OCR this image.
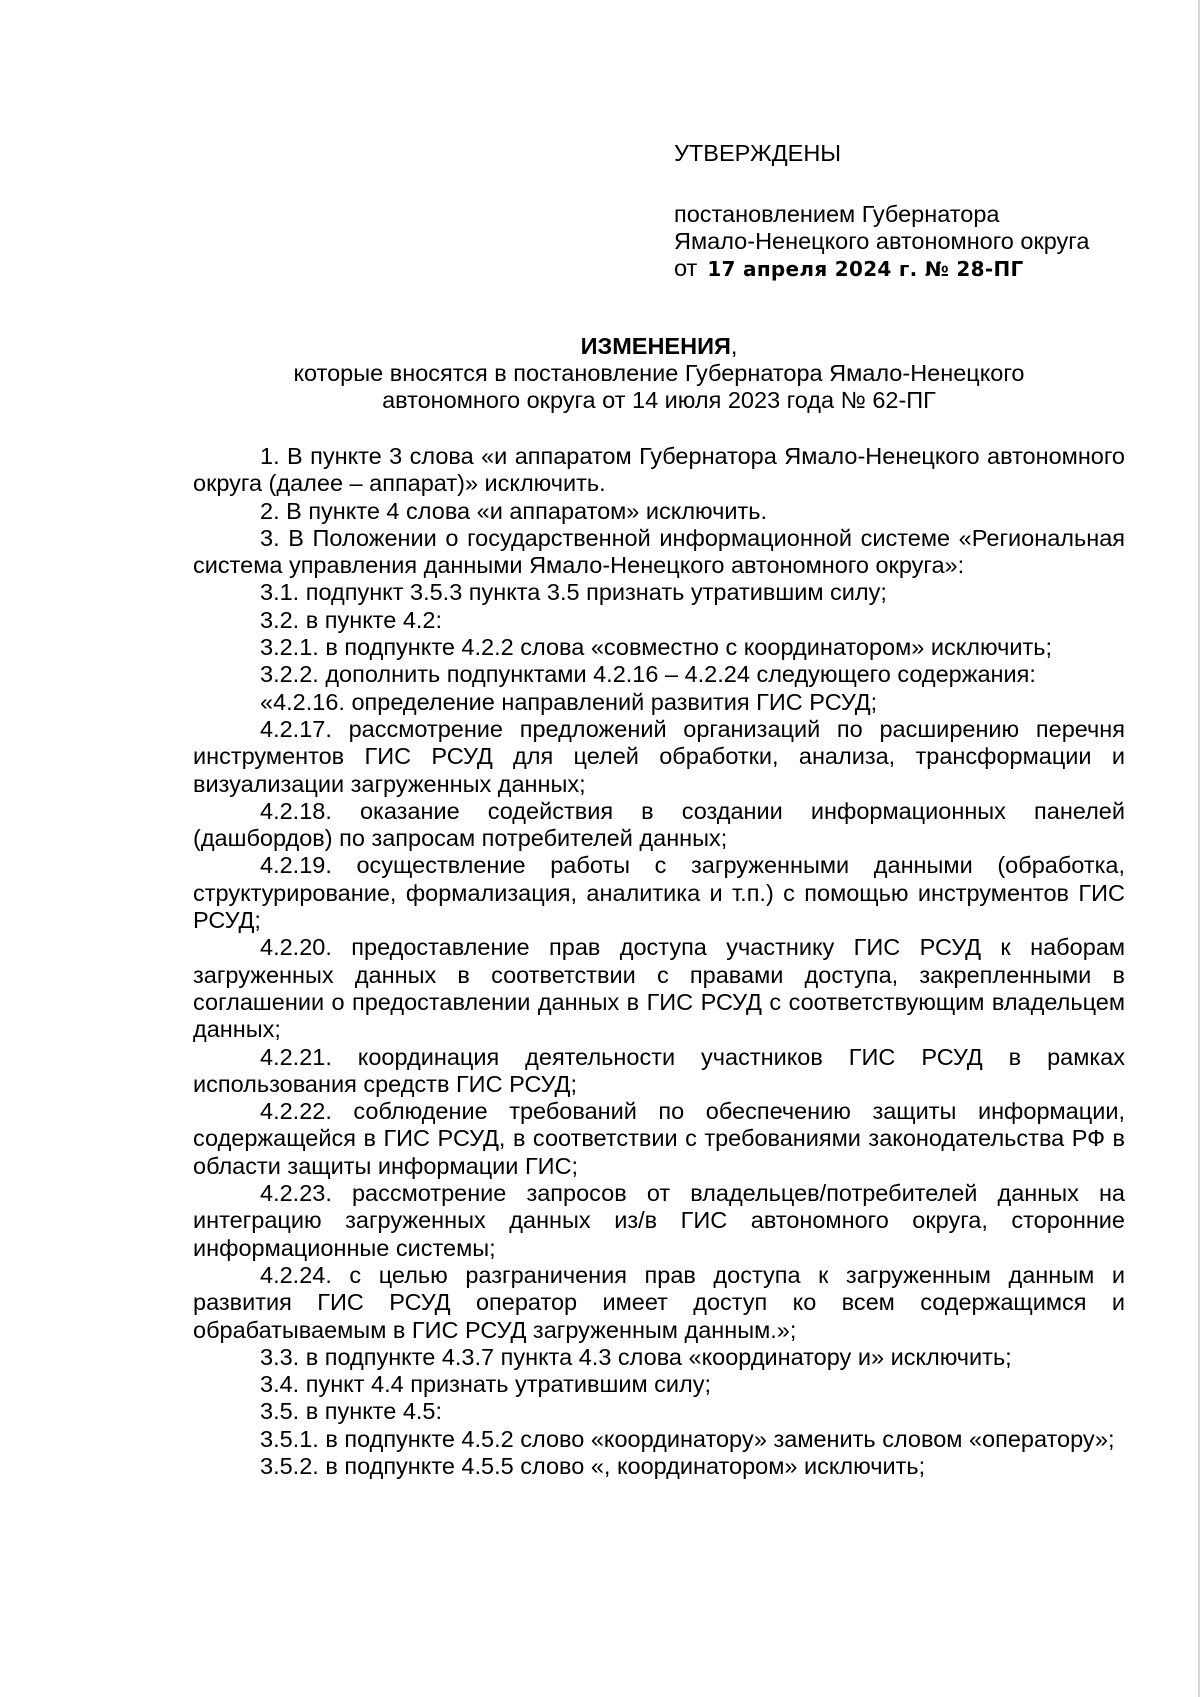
УТВЕРЖДЕНЫ
постановлением Губернатора
Ямало-Ненецкого автономного округа
от 17 апреля 2024 г. № 28-ПГ
ИЗМЕНЕНИЯ,
которые вносятся в постановление Губернатора Ямало-Ненецкого
автономного округа от 14 июля 2023 года № 62-ПГ

1. В пункте 3 слова «и аппаратом Губернатора Ямало-Ненецкого автономного округа (далее – аппарат)» исключить.

2. В пункте 4 слова «и аппаратом» исключить.

3. В Положении о государственной информационной системе «Региональная система управления данными Ямало-Ненецкого автономного округа»:

3.1. подпункт 3.5.3 пункта 3.5 признать утратившим силу;

3.2. в пункте 4.2:

3.2.1. в подпункте 4.2.2 слова «совместно с координатором» исключить;

3.2.2. дополнить подпунктами 4.2.16 – 4.2.24 следующего содержания:

«4.2.16. определение направлений развития ГИС РСУД;

4.2.17. рассмотрение предложений организаций по расширению перечня инструментов ГИС РСУД для целей обработки, анализа, трансформации и визуализации загруженных данных;

4.2.18. оказание содействия в создании информационных панелей (дашбордов) по запросам потребителей данных;

4.2.19. осуществление работы с загруженными данными (обработка, структурирование, формализация, аналитика и т.п.) с помощью инструментов ГИС РСУД;

4.2.20. предоставление прав доступа участнику ГИС РСУД к наборам загруженных данных в соответствии с правами доступа, закрепленными в соглашении о предоставлении данных в ГИС РСУД с соответствующим владельцем данных;

4.2.21. координация деятельности участников ГИС РСУД в рамках использования средств ГИС РСУД;

4.2.22. соблюдение требований по обеспечению защиты информации, содержащейся в ГИС РСУД, в соответствии с требованиями законодательства РФ в области защиты информации ГИС;

4.2.23. рассмотрение запросов от владельцев/потребителей данных на интеграцию загруженных данных из/в ГИС автономного округа, сторонние информационные системы;

4.2.24. с целью разграничения прав доступа к загруженным данным и развития ГИС РСУД оператор имеет доступ ко всем содержащимся и обрабатываемым в ГИС РСУД загруженным данным.»;

3.3. в подпункте 4.3.7 пункта 4.3 слова «координатору и» исключить;

3.4. пункт 4.4 признать утратившим силу;

3.5. в пункте 4.5:

3.5.1. в подпункте 4.5.2 слово «координатору» заменить словом «оператору»;

3.5.2. в подпункте 4.5.5 слово «, координатором» исключить;
